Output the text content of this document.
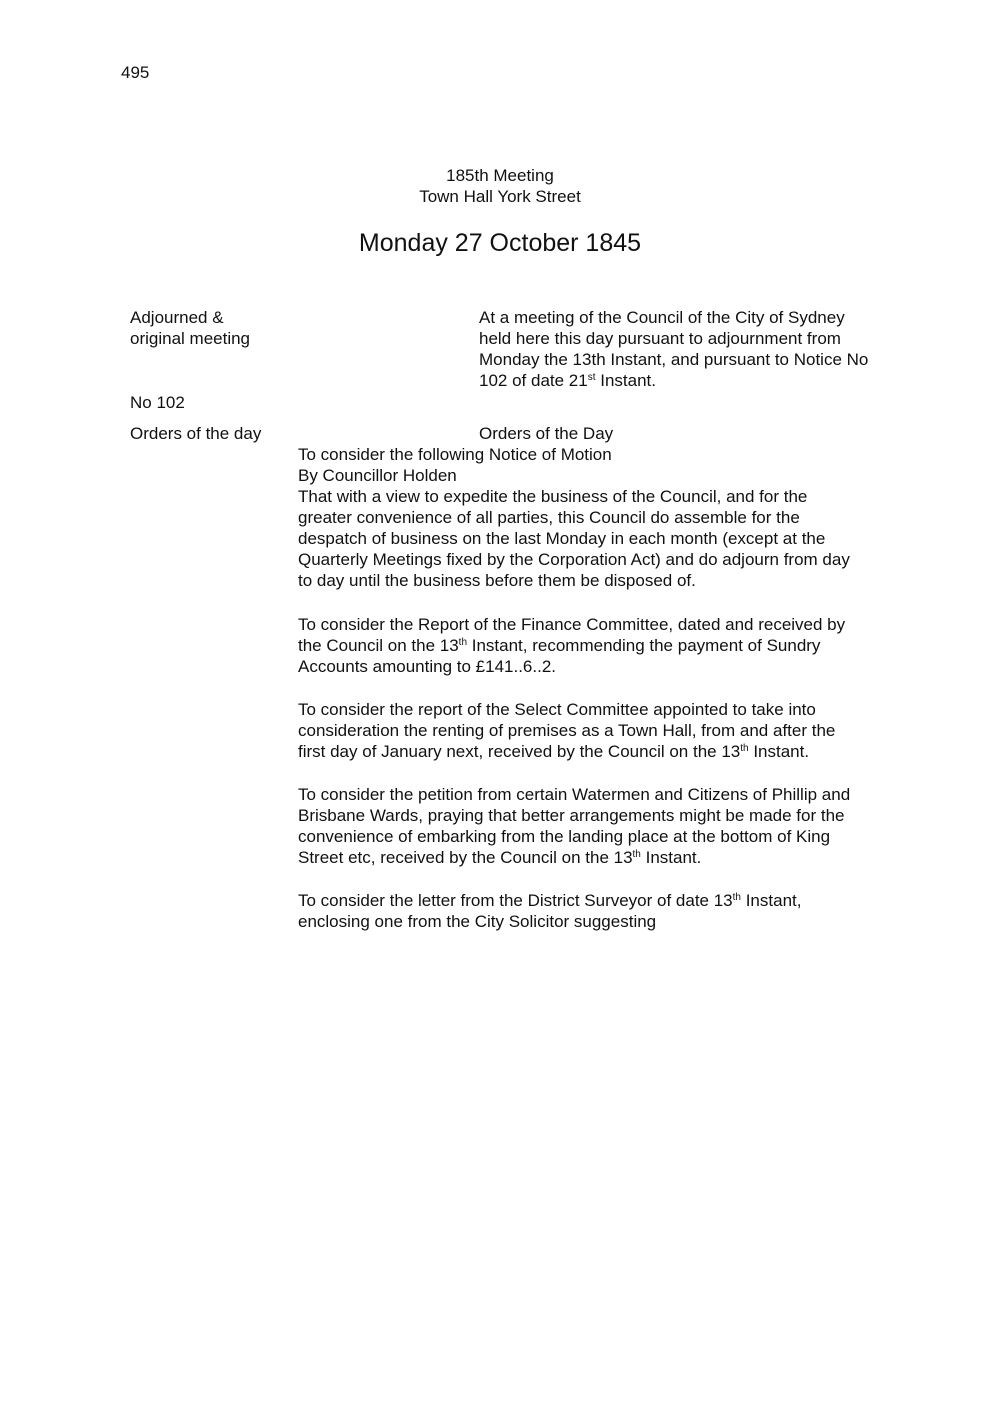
495
185th Meeting
Town Hall York Street
Monday 27 October 1845
Adjourned &
original meeting
No 102
Orders of the day
At a meeting of the Council of the City of Sydney
held here this day pursuant to adjournment from
Monday the 13th Instant, and pursuant to Notice No
102 of date 21st Instant.
Orders of the Day
To consider the following Notice of Motion
By Councillor Holden
That with a view to expedite the business of the Council, and for the
greater convenience of all parties, this Council do assemble for the
despatch of business on the last Monday in each month (except at the
Quarterly Meetings fixed by the Corporation Act) and do adjourn from day
to day until the business before them be disposed of.
To consider the Report of the Finance Committee, dated and received by
the Council on the 13th Instant, recommending the payment of Sundry
Accounts amounting to £141..6..2.
To consider the report of the Select Committee appointed to take into
consideration the renting of premises as a Town Hall, from and after the
first day of January next, received by the Council on the 13th Instant.
To consider the petition from certain Watermen and Citizens of Phillip and
Brisbane Wards, praying that better arrangements might be made for the
convenience of embarking from the landing place at the bottom of King
Street etc, received by the Council on the 13th Instant.
To consider the letter from the District Surveyor of date 13th Instant,
enclosing one from the City Solicitor suggesting
